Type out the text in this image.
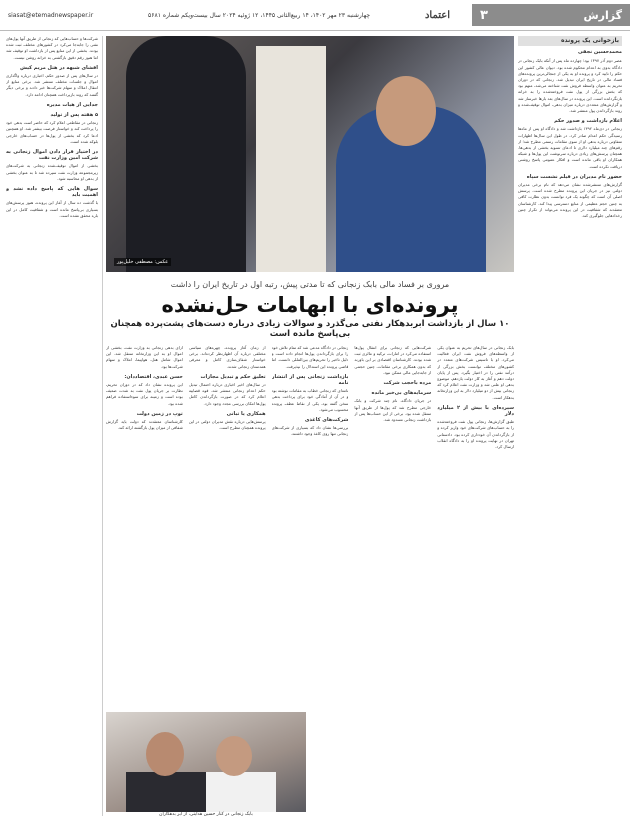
گزارش
۳
اعتماد
چهارشنبه ۲۳ مهر ۱۴۰۲، ۱۴ ربیع‌الثانی ۱۴۴۵، ۱۲ ژوئیه ۲۰۲۴ سال بیست‌ویکم شماره ۵۶۸۱
siasat@etemadnewspaper.ir
بازخوانی یک پرونده
محمدحسین نجفی
عصر دوم آذر ۱۳۹۷ بود؛ چهارده ماه پس از آنکه بابک زنجانی در دادگاه بدوی به اعدام محکوم شده بود. دیوان عالی کشور این حکم را تایید کرد و پرونده او به یکی از جنجالی‌ترین پرونده‌های فساد مالی در تاریخ ایران تبدیل شد. زنجانی که در دوران تحریم به عنوان واسطه فروش نفت شناخته می‌شد، متهم بود که بخش بزرگی از پول نفت فروخته‌شده را به خزانه بازنگردانده است. این پرونده در سال‌های بعد بارها خبرساز شد و گزارش‌های متعددی درباره میزان بدهی، اموال توقیف‌شده و روند بازگرداندن پول منتشر شد.
اعلام بازداشت و صدور حکم
زنجانی در دی‌ماه ۱۳۹۲ بازداشت شد و دادگاه او پس از ماه‌ها رسیدگی حکم اعدام صادر کرد. در طول این سال‌ها اظهارات متفاوتی درباره بدهی او از سوی مقامات رسمی مطرح شد؛ از رقم‌های چند میلیارد دلاری تا ادعای تسویه بخشی از بدهی‌ها. همچنان پرسش‌های زیادی درباره سرنوشت این پول‌ها و شبکه همکاران او باقی مانده است و افکار عمومی پاسخ روشنی دریافت نکرده است.
حضور نام مدیران در فیلم نشست سپاه
گزارش‌های منتشرشده نشان می‌دهد که نام برخی مدیران دولتی نیز در جریان این پرونده مطرح شده است. پرسش اصلی آن است که چگونه یک فرد توانست بدون نظارت کافی به چنین حجم عظیمی از منابع دسترسی پیدا کند. کارشناسان معتقدند که شفافیت در این پرونده می‌تواند از تکرار چنین رخدادهایی جلوگیری کند.
عکس: مصطفی خلیل‌پور
مروری بر فساد مالی بابک زنجانی که تا مدتی پیش، رتبه اول در تاریخ ایران را داشت
پرونده‌ای با ابهامات حل‌نشده
۱۰ سال از بازداشت ابربدهکار نفتی می‌گذرد و سوالات زیادی درباره دست‌های پشت‌پرده همچنان بی‌پاسخ مانده است
بابک زنجانی در سال‌های تحریم به عنوان یکی از واسطه‌های فروش نفت ایران فعالیت می‌کرد. او با تاسیس شرکت‌های متعدد در کشورهای مختلف توانست بخش بزرگی از درآمد نفتی را در اختیار بگیرد. پس از پایان دولت دهم و آغاز به کار دولت یازدهم، موضوع بدهی او علنی شد و وزارت نفت اعلام کرد که زنجانی بیش از دو میلیارد دلار به این وزارتخانه بدهکار است.
سپرده‌ای با بیش از ۲ میلیارد دلار
طبق گزارش‌ها، زنجانی پول نفت فروخته‌شده را به حساب‌های شرکت‌های خود واریز کرده و از بازگرداندن آن خودداری کرده بود. دادستانی تهران در نهایت پرونده او را به دادگاه انقلاب ارسال کرد.
شرکت‌هایی که زنجانی برای انتقال پول‌ها استفاده می‌کرد در امارات، ترکیه و مالزی ثبت شده بودند. کارشناسان اقتصادی بر این باورند که بدون همکاری برخی مقامات، چنین حجمی از جابه‌جایی مالی ممکن نبود.
مرده باحجب شرکت
سرمایه‌های بی‌خبر مانده
در جریان دادگاه، نام چند شرکت و بانک خارجی مطرح شد که پول‌ها از طریق آنها منتقل شده بود. برخی از این حساب‌ها پس از بازداشت زنجانی مسدود شد.
زنجانی در دادگاه مدعی شد که تمام تلاش خود را برای بازگرداندن پول‌ها انجام داده است و دلیل تاخیر را تحریم‌های بین‌المللی دانست. اما قاضی پرونده این استدلال را نپذیرفت.
بازداشت زنجانی پس از انتشار نامه
نامه‌ای که زنجانی خطاب به مقامات نوشته بود و در آن از آمادگی خود برای پرداخت بدهی سخن گفته بود، یکی از نقاط عطف پرونده محسوب می‌شود.
شرکت‌های کاغذی
بررسی‌ها نشان داد که بسیاری از شرکت‌های زنجانی تنها روی کاغذ وجود داشتند.
از زمان آغاز پرونده، چهره‌های سیاسی مختلفی درباره آن اظهارنظر کرده‌اند. برخی خواستار شفاف‌سازی کامل و معرفی همدستان زنجانی شدند.
تعلیق حکم و تبدیل مجازات
در سال‌های اخیر اخباری درباره احتمال تبدیل حکم اعدام زنجانی منتشر شد. قوه قضاییه اعلام کرد که در صورت بازگرداندن کامل پول‌ها امکان بررسی مجدد وجود دارد.
همکاری یا تبانی
پرسش‌هایی درباره نقش مدیران دولتی در این پرونده همچنان مطرح است.
ازای بدهی زنجانی به وزارت نفت، بخشی از اموال او به این وزارتخانه منتقل شد. این اموال شامل هتل، هواپیما، املاک و سهام شرکت‌ها بود.
حسن عبدی، اقتصاددان:
این پرونده نشان داد که در دوران تحریم، نظارت بر جریان پول نفت به شدت ضعیف بوده است و زمینه برای سوءاستفاده فراهم شده بود.
توپ در زمین دولت
کارشناسان معتقدند که دولت باید گزارش شفافی از میزان پول بازگشته ارائه کند.
شرکت‌ها و حساب‌هایی که زنجانی از طریق آنها پول‌های نفتی را جابه‌جا می‌کرد در کشورهای مختلف ثبت شده بودند. بخشی از این منابع پس از بازداشت او توقیف شد اما هنوز رقم دقیق بازگشتی به خزانه روشن نیست.
افشای شبهه در هتل مریم کیش
در سال‌های پس از صدور حکم، اخباری درباره واگذاری اموال و جلسات مختلف منتشر شد. برخی منابع از انتقال املاک و سهام شرکت‌ها خبر دادند و برخی دیگر گفتند که روند بازپرداخت همچنان ادامه دارد.
جدایی از هیات مدیره
۵ هفته پس از تولید
زنجانی در مقاطعی اعلام کرد که حاضر است بدهی خود را پرداخت کند و خواستار فرصت بیشتر شد. او همچنین ادعا کرد که بخشی از پول‌ها در حساب‌های خارجی بلوکه شده است.
در اختیار قرار دادن اموال زنجانی به شرکت امین وزارت نفت
بخشی از اموال توقیف‌شده زنجانی به شرکت‌های زیرمجموعه وزارت نفت سپرده شد تا به عنوان بخشی از بدهی او محاسبه شود.
سوال هایی که پاسخ داده نشد و اهمیت باید
با گذشت ده سال از آغاز این پرونده، هنوز پرسش‌های بسیاری بی‌پاسخ مانده است و شفافیت کامل در این باره محقق نشده است.
بابک زنجانی در کنار حسین هدایتی، از ابر بدهکاران
